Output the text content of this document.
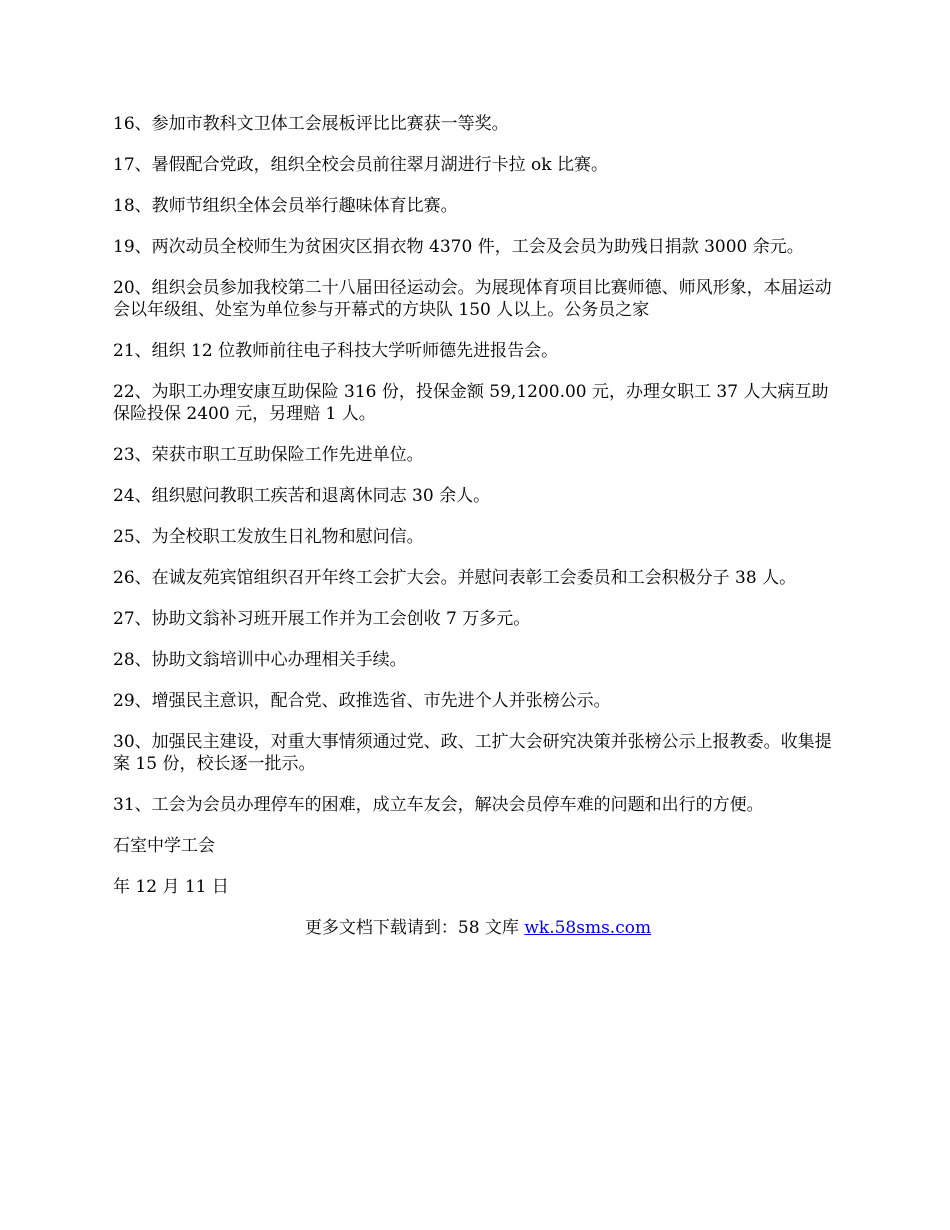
16、参加市教科文卫体工会展板评比比赛获一等奖。

17、暑假配合党政，组织全校会员前往翠月湖进行卡拉 ok 比赛。

18、教师节组织全体会员举行趣味体育比赛。

19、两次动员全校师生为贫困灾区捐衣物 4370 件，工会及会员为助残日捐款 3000 余元。

20、组织会员参加我校第二十八届田径运动会。为展现体育项目比赛师德、师风形象，本届运动会以年级组、处室为单位参与开幕式的方块队 150 人以上。公务员之家

21、组织 12 位教师前往电子科技大学听师德先进报告会。

22、为职工办理安康互助保险 316 份，投保金额 59,1200.00 元，办理女职工 37 人大病互助保险投保 2400 元，另理赔 1 人。

23、荣获市职工互助保险工作先进单位。

24、组织慰问教职工疾苦和退离休同志 30 余人。

25、为全校职工发放生日礼物和慰问信。

26、在诚友苑宾馆组织召开年终工会扩大会。并慰问表彰工会委员和工会积极分子 38 人。

27、协助文翁补习班开展工作并为工会创收 7 万多元。

28、协助文翁培训中心办理相关手续。

29、增强民主意识，配合党、政推选省、市先进个人并张榜公示。

30、加强民主建设，对重大事情须通过党、政、工扩大会研究决策并张榜公示上报教委。收集提案 15 份，校长逐一批示。

31、工会为会员办理停车的困难，成立车友会，解决会员停车难的问题和出行的方便。

石室中学工会

年 12 月 11 日

更多文档下载请到：58 文库 wk.58sms.com
